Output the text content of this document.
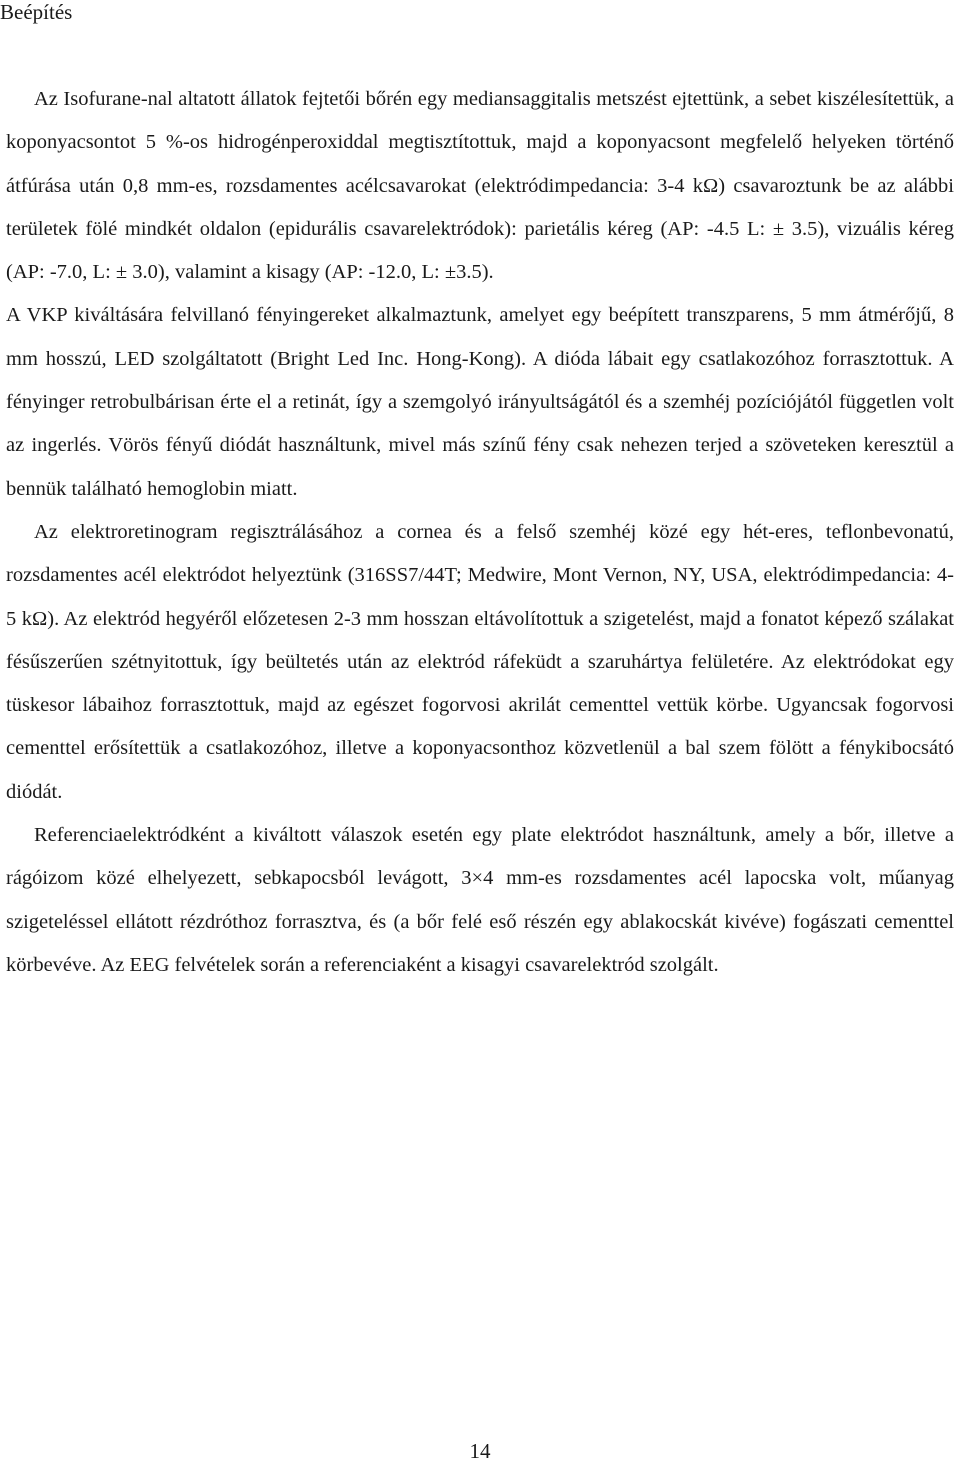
Beépítés

Az Isofurane-nal altatott állatok fejtetői bőrén egy mediansaggitalis metszést ejtettünk, a sebet kiszélesítettük, a koponyacsontot 5 %-os hidrogénperoxiddal megtisztítottuk, majd a koponyacsont megfelelő helyeken történő átfúrása után 0,8 mm-es, rozsdamentes acélcsavarokat (elektródimpedancia: 3-4 kΩ) csavaroztunk be az alábbi területek fölé mindkét oldalon (epidurális csavarelektródok): parietális kéreg (AP: -4.5 L: ± 3.5), vizuális kéreg (AP: -7.0, L: ± 3.0), valamint a kisagy (AP: -12.0, L: ±3.5).

A VKP kiváltására felvillanó fényingereket alkalmaztunk, amelyet egy beépített transzparens, 5 mm átmérőjű, 8 mm hosszú, LED szolgáltatott (Bright Led Inc. Hong-Kong). A dióda lábait egy csatlakozóhoz forrasztottuk. A fényinger retrobulbárisan érte el a retinát, így a szemgolyó irányultságától és a szemhéj pozíciójától független volt az ingerlés. Vörös fényű diódát használtunk, mivel más színű fény csak nehezen terjed a szöveteken keresztül a bennük található hemoglobin miatt.

Az elektroretinogram regisztrálásához a cornea és a felső szemhéj közé egy hét-eres, teflonbevonatú, rozsdamentes acél elektródot helyeztünk (316SS7/44T; Medwire, Mont Vernon, NY, USA, elektródimpedancia: 4-5 kΩ). Az elektród hegyéről előzetesen 2-3 mm hosszan eltávolítottuk a szigetelést, majd a fonatot képező szálakat fésűszerűen szétnyitottuk, így beültetés után az elektród ráfeküdt a szaruhártya felületére. Az elektródokat egy tüskesor lábaihoz forrasztottuk, majd az egészet fogorvosi akrilát cementtel vettük körbe. Ugyancsak fogorvosi cementtel erősítettük a csatlakozóhoz, illetve a koponyacsonthoz közvetlenül a bal szem fölött a fénykibocsátó diódát.

Referenciaelektródként a kiváltott válaszok esetén egy plate elektródot használtunk, amely a bőr, illetve a rágóizom közé elhelyezett, sebkapocsból levágott, 3×4 mm-es rozsdamentes acél lapocska volt, műanyag szigeteléssel ellátott rézdróthoz forrasztva, és (a bőr felé eső részén egy ablakocskát kivéve) fogászati cementtel körbevéve. Az EEG felvételek során a referenciaként a kisagyi csavarelektród szolgált.

14
